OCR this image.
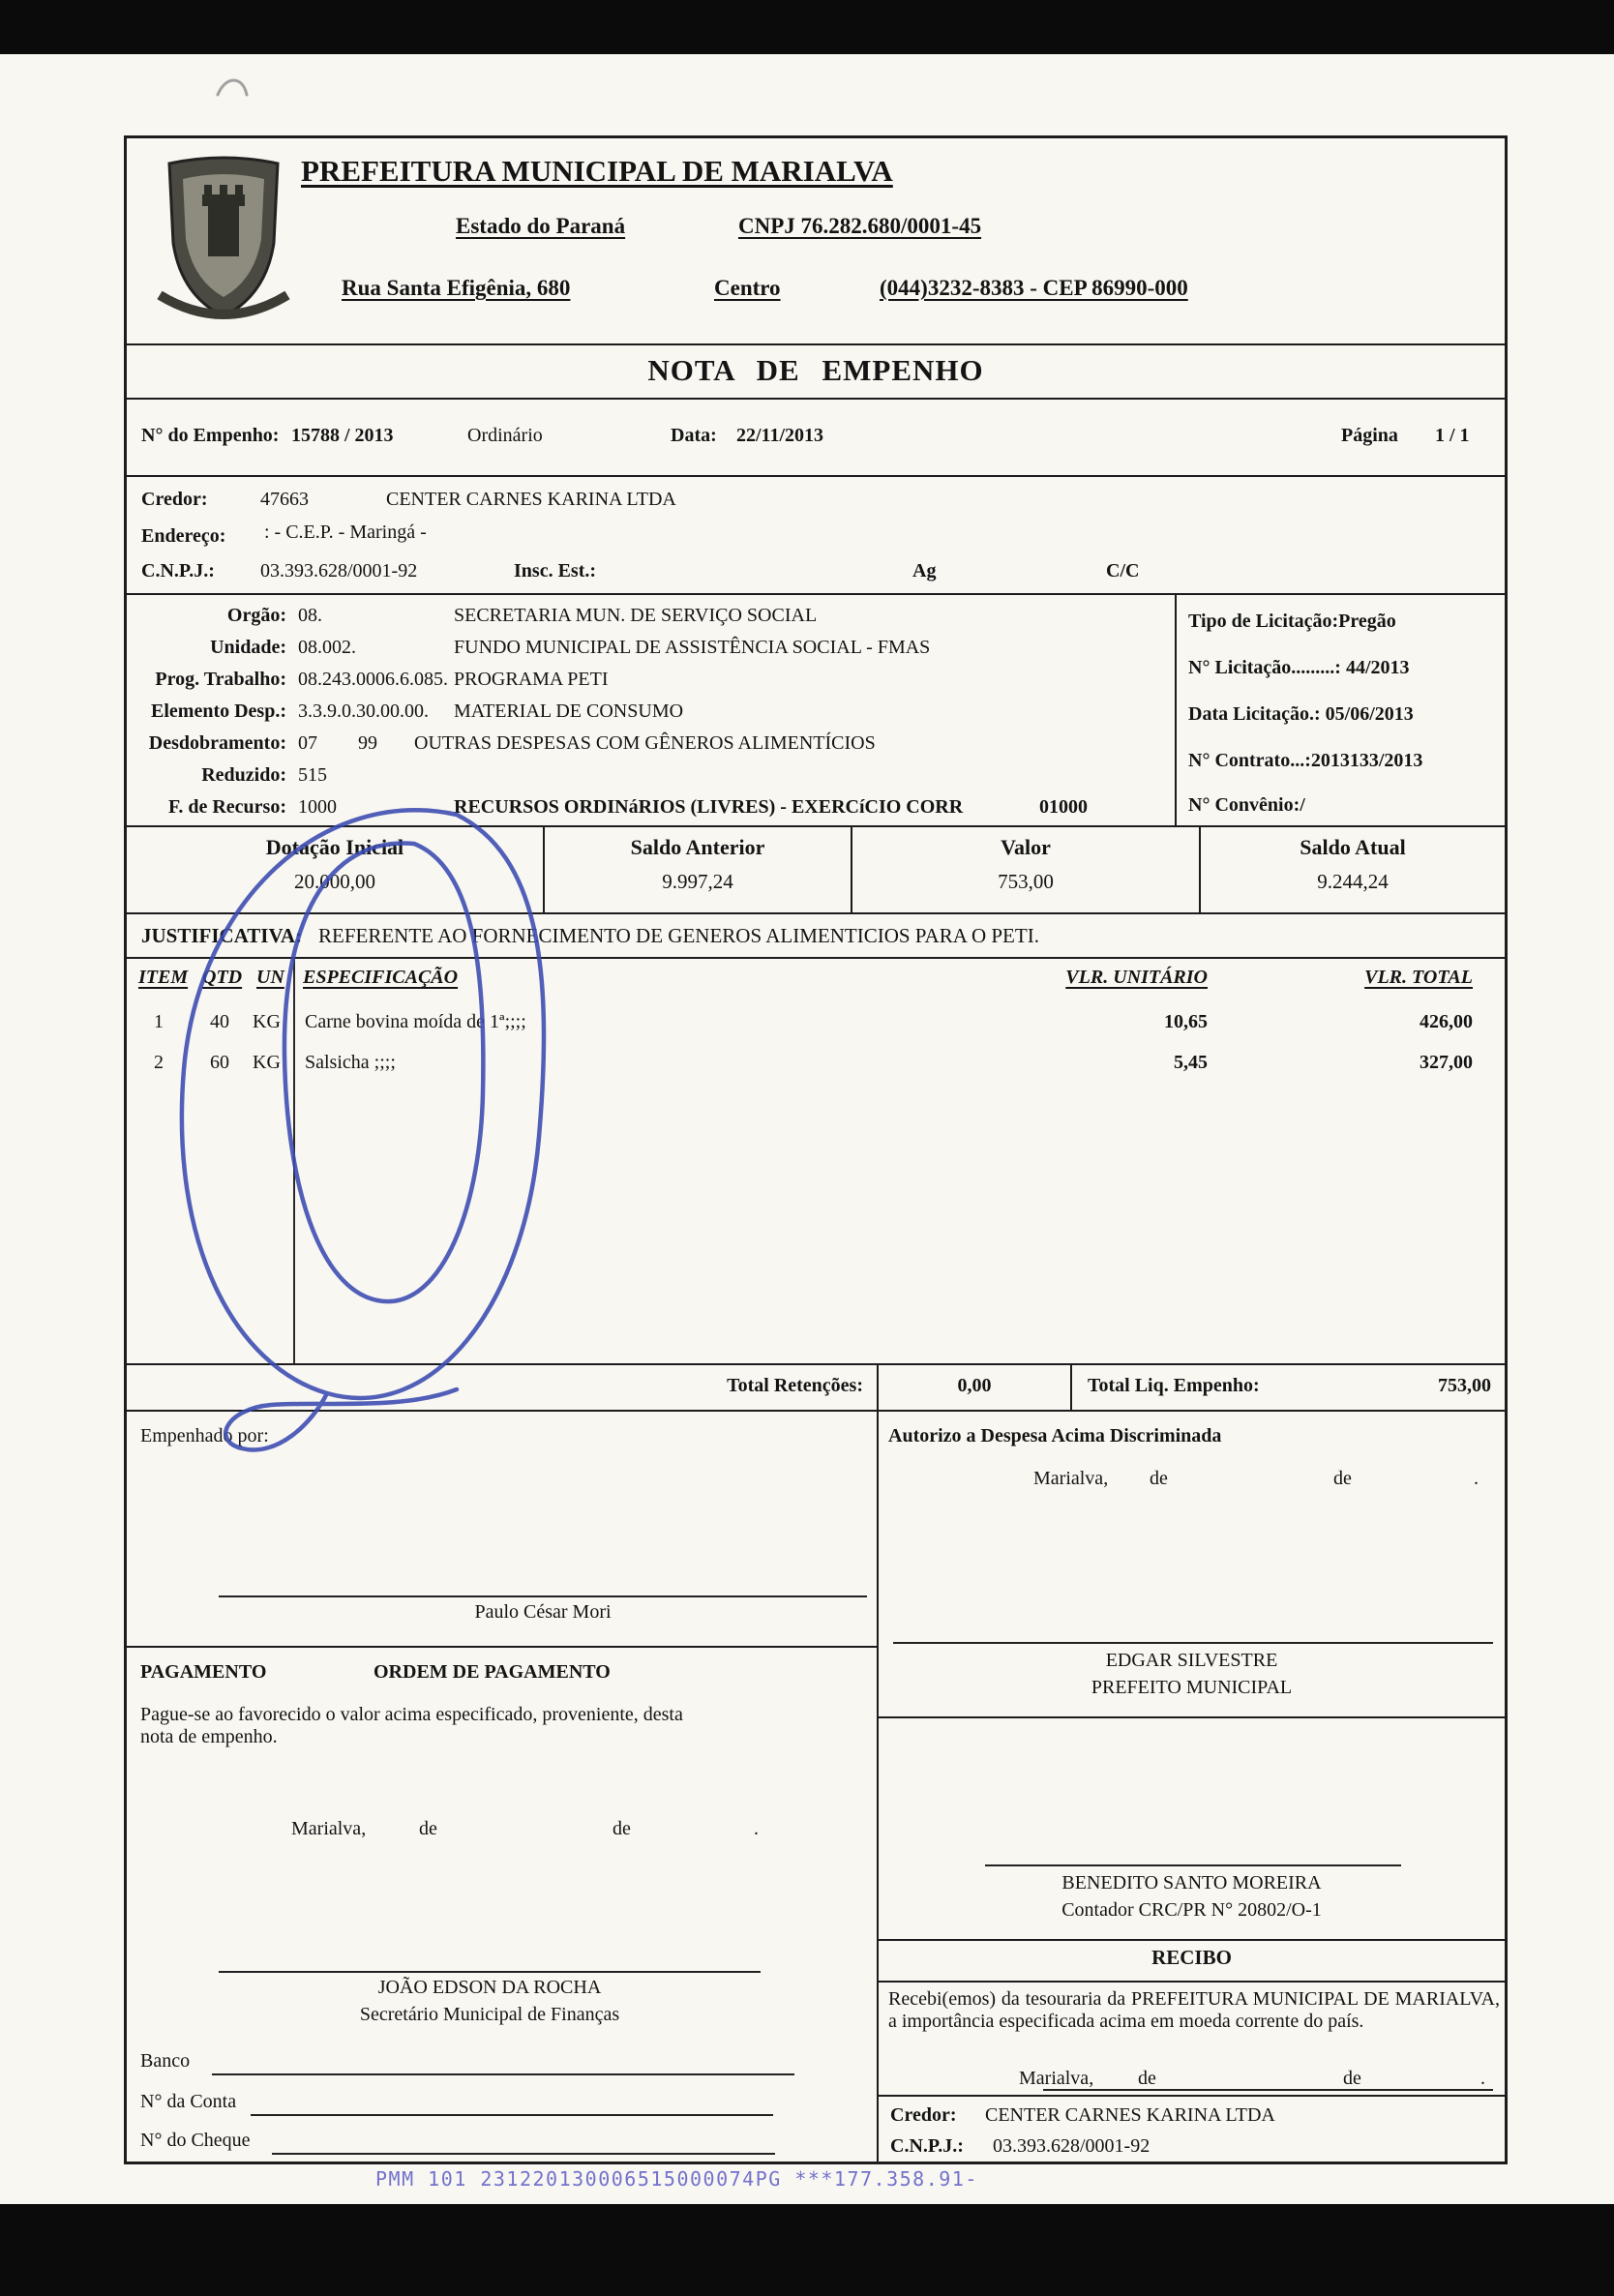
PREFEITURA MUNICIPAL DE MARIALVA
Estado do Paraná	CNPJ 76.282.680/0001-45
Rua Santa Efigênia, 680	Centro	(044)3232-8383 - CEP 86990-000
NOTA DE EMPENHO
N° do Empenho: 15788 / 2013	Ordinário	Data: 22/11/2013	Página 1 / 1
Credor:	47663	CENTER CARNES KARINA LTDA
Endereço: : - C.E.P. - Maringá -
C.N.P.J.: 03.393.628/0001-92	Insc. Est.:	Ag	C/C
Orgão: 08.	SECRETARIA MUN. DE SERVIÇO SOCIAL
Unidade: 08.002.	FUNDO MUNICIPAL DE ASSISTÊNCIA SOCIAL - FMAS
Prog. Trabalho: 08.243.0006.6.085. PROGRAMA PETI
Elemento Desp.: 3.3.9.0.30.00.00.	MATERIAL DE CONSUMO
Desdobramento: 07	99	OUTRAS DESPESAS COM GÊNEROS ALIMENTÍCIOS
Reduzido: 515
F. de Recurso: 1000	RECURSOS ORDINáRIOS (LIVRES) - EXERCíCIO CORR	01000
Tipo de Licitação:Pregão
N° Licitação.........: 44/2013
Data Licitação.: 05/06/2013
N° Contrato...:2013133/2013
N° Convênio:/
Dotação Inicial
20.000,00
Saldo Anterior
9.997,24
Valor
753,00
Saldo Atual
9.244,24
JUSTIFICATIVA: REFERENTE AO FORNECIMENTO DE GENEROS ALIMENTICIOS PARA O PETI.
ITEM QTD UN ESPECIFICAÇÃO	VLR. UNITÁRIO	VLR. TOTAL
1	40	KG Carne bovina moída de 1ª;;;;	10,65	426,00
2	60	KG Salsicha ;;;;	5,45	327,00
Total Retenções:	0,00	Total Liq. Empenho:	753,00
Empenhado por:
Paulo César Mori
PAGAMENTO	ORDEM DE PAGAMENTO
Pague-se ao favorecido o valor acima especificado, proveniente, desta nota de empenho.
Marialva,	de	de	.
JOÃO EDSON DA ROCHA
Secretário Municipal de Finanças
Banco
N° da Conta
N° do Cheque
Autorizo a Despesa Acima Discriminada
Marialva, de	de	.
EDGAR SILVESTRE
PREFEITO MUNICIPAL
BENEDITO SANTO MOREIRA
Contador CRC/PR N° 20802/O-1
RECIBO
Recebi(emos) da tesouraria da PREFEITURA MUNICIPAL DE MARIALVA, a importância especificada acima em moeda corrente do país.
Marialva, de	de	.
Credor: CENTER CARNES KARINA LTDA
C.N.P.J.: 03.393.628/0001-92
PMM 101 231220130006515000074PG ***177.358.91-
